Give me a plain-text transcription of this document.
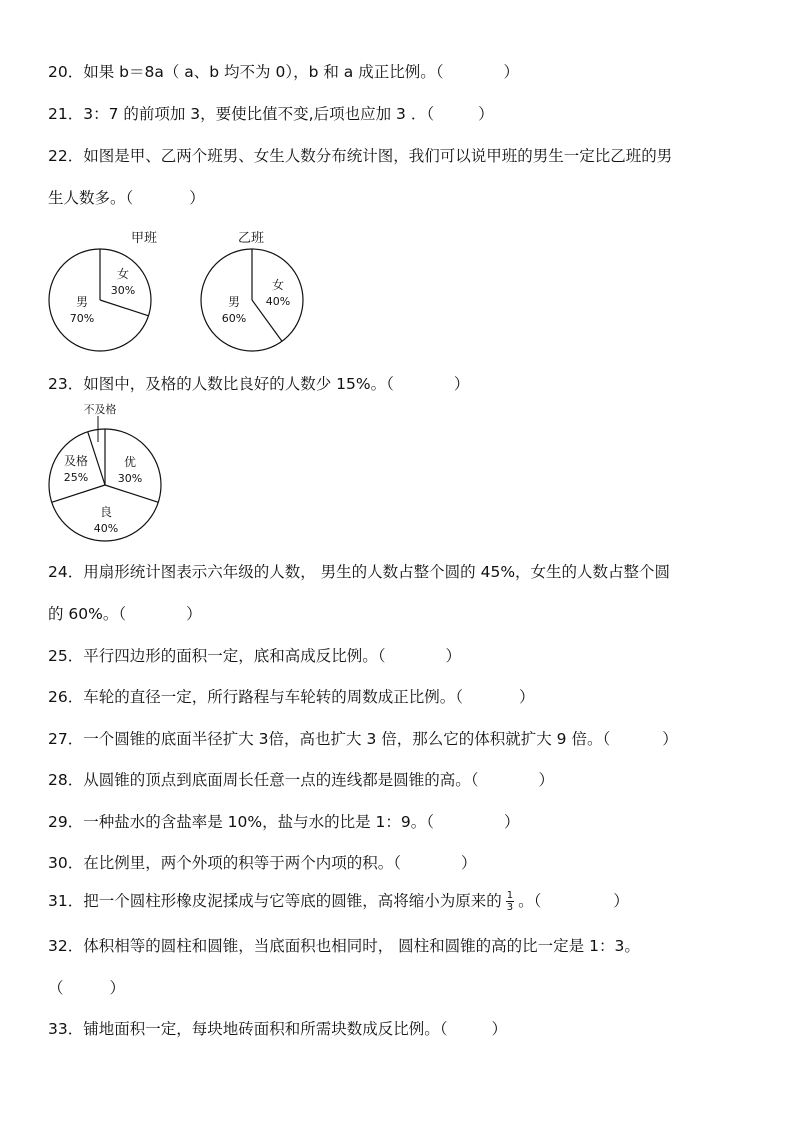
20．如果 b＝8a（ a、b 均不为 0），b 和 a 成正比例。（	）
21．3：7 的前项加 3，要使比值不变,后项也应加 3 ．（	）
22．如图是甲、乙两个班男、女生人数分布统计图，我们可以说甲班的男生一定比乙班的男
生人数多。（	）
甲班
女
30%
男
70%
乙班
女
40%
男
60%
23．如图中，及格的人数比良好的人数少 15%。（	）
不及格
优
30%
良
40%
及格
25%
24．用扇形统计图表示六年级的人数， 男生的人数占整个圆的 45%，女生的人数占整个圆
的 60%。（	）
25．平行四边形的面积一定，底和高成反比例。（	）
26．车轮的直径一定，所行路程与车轮转的周数成正比例。（	）
27．一个圆锥的底面半径扩大 3倍，高也扩大 3 倍，那么它的体积就扩大 9 倍。（	）
28．从圆锥的顶点到底面周长任意一点的连线都是圆锥的高。（	）
29．一种盐水的含盐率是 10%，盐与水的比是 1：9。（	）
30．在比例里，两个外项的积等于两个内项的积。（	）
31．把一个圆柱形橡皮泥揉成与它等底的圆锥，高将缩小为原来的 $\frac{1}{3}$ 。（	）
32．体积相等的圆柱和圆锥，当底面积也相同时， 圆柱和圆锥的高的比一定是 1：3。
（	）
33．铺地面积一定，每块地砖面积和所需块数成反比例。（	）
